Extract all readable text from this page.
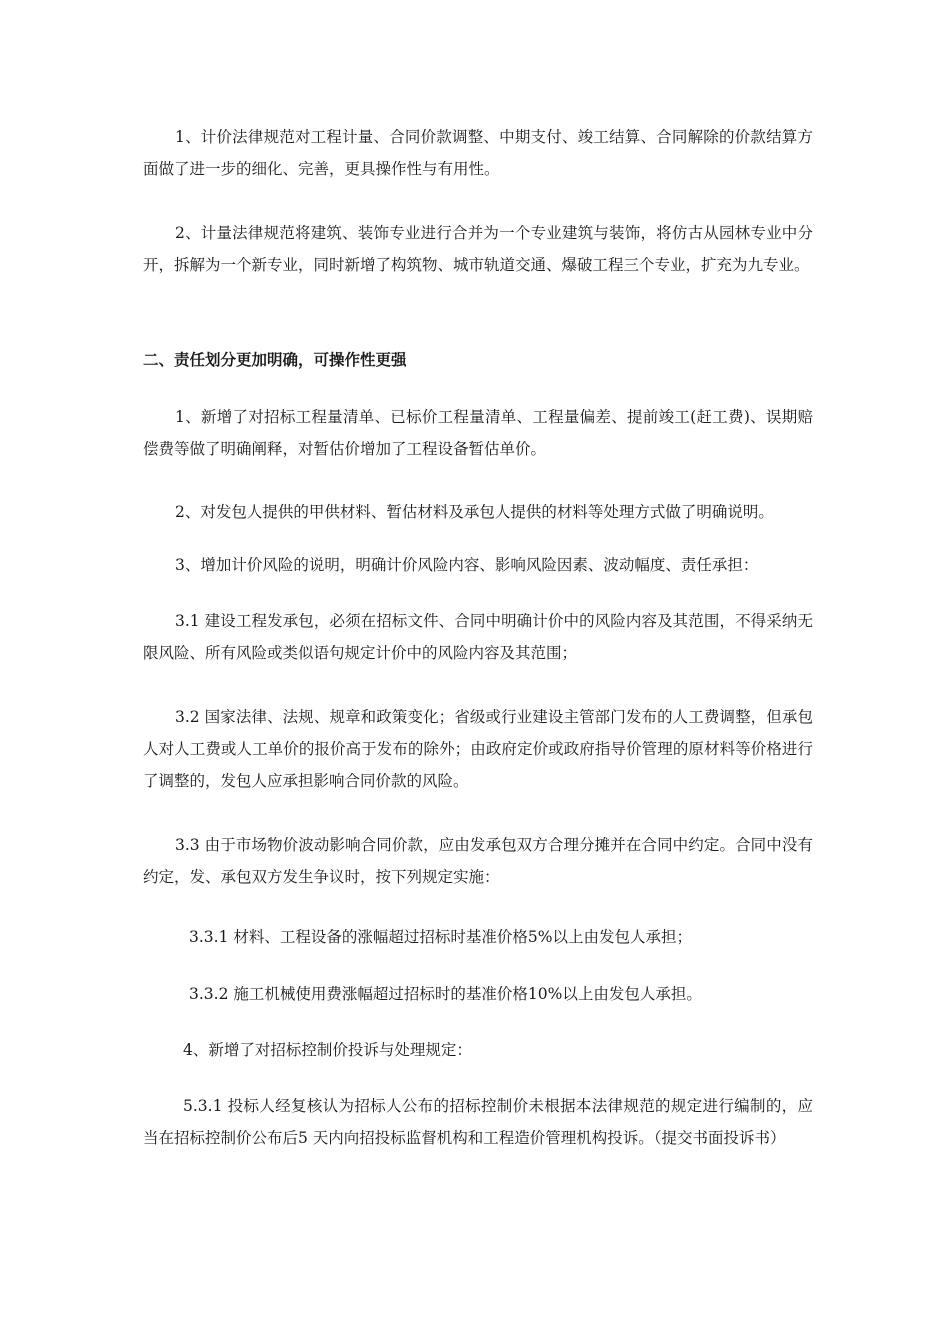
1、计价法律规范对工程计量、合同价款调整、中期支付、竣工结算、合同解除的价款结算方面做了进一步的细化、完善，更具操作性与有用性。

2、计量法律规范将建筑、装饰专业进行合并为一个专业建筑与装饰，将仿古从园林专业中分开，拆解为一个新专业，同时新增了构筑物、城市轨道交通、爆破工程三个专业，扩充为九专业。

二、责任划分更加明确，可操作性更强

1、新增了对招标工程量清单、已标价工程量清单、工程量偏差、提前竣工(赶工费)、误期赔偿费等做了明确阐释，对暂估价增加了工程设备暂估单价。

2、对发包人提供的甲供材料、暂估材料及承包人提供的材料等处理方式做了明确说明。

3、增加计价风险的说明，明确计价风险内容、影响风险因素、波动幅度、责任承担：

3.1 建设工程发承包，必须在招标文件、合同中明确计价中的风险内容及其范围，不得采纳无限风险、所有风险或类似语句规定计价中的风险内容及其范围；

3.2 国家法律、法规、规章和政策变化；省级或行业建设主管部门发布的人工费调整，但承包人对人工费或人工单价的报价高于发布的除外；由政府定价或政府指导价管理的原材料等价格进行了调整的，发包人应承担影响合同价款的风险。

3.3 由于市场物价波动影响合同价款，应由发承包双方合理分摊并在合同中约定。合同中没有约定，发、承包双方发生争议时，按下列规定实施：

3.3.1 材料、工程设备的涨幅超过招标时基准价格5%以上由发包人承担；

3.3.2 施工机械使用费涨幅超过招标时的基准价格10%以上由发包人承担。

4、新增了对招标控制价投诉与处理规定：

5.3.1 投标人经复核认为招标人公布的招标控制价未根据本法律规范的规定进行编制的，应当在招标控制价公布后5 天内向招投标监督机构和工程造价管理机构投诉。（提交书面投诉书）
